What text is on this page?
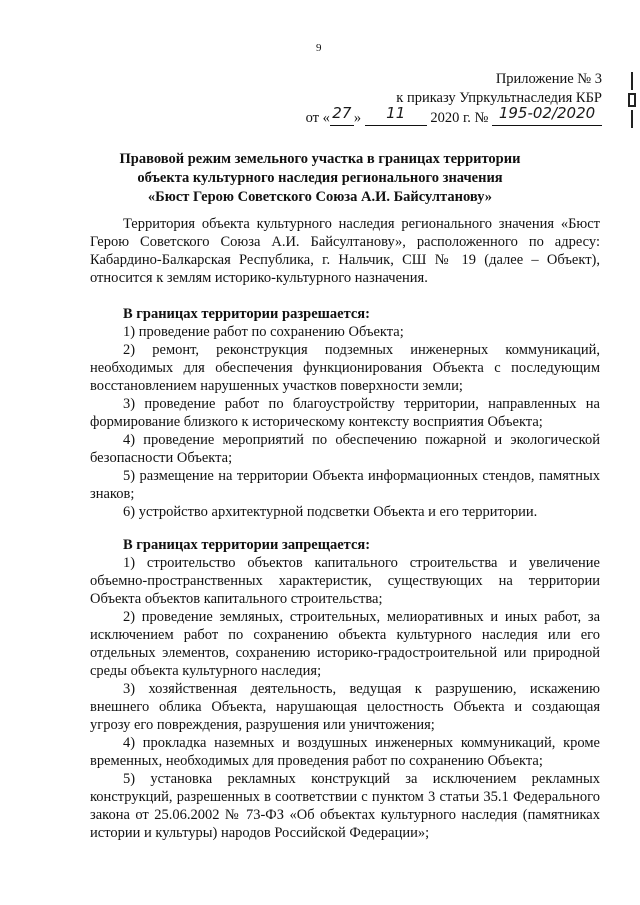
9
Приложение № 3
к приказу Упркультнаследия КБР
от « 27 » 11 2020 г. № 195-02/2020
Правовой режим земельного участка в границах территории
объекта культурного наследия регионального значения
«Бюст Герою Советского Союза А.И. Байсултанову»

Территория объекта культурного наследия регионального значения «Бюст Герою Советского Союза А.И. Байсултанову», расположенного по адресу: Кабардино-Балкарская Республика, г. Нальчик, СШ № 19 (далее – Объект), относится к землям историко-культурного назначения.

В границах территории разрешается:

1) проведение работ по сохранению Объекта;

2) ремонт, реконструкция подземных инженерных коммуникаций, необходимых для обеспечения функционирования Объекта с последующим восстановлением нарушенных участков поверхности земли;

3) проведение работ по благоустройству территории, направленных на формирование близкого к историческому контексту восприятия Объекта;

4) проведение мероприятий по обеспечению пожарной и экологической безопасности Объекта;

5) размещение на территории Объекта информационных стендов, памятных знаков;

6) устройство архитектурной подсветки Объекта и его территории.

В границах территории запрещается:

1) строительство объектов капитального строительства и увеличение объемно-пространственных характеристик, существующих на территории Объекта объектов капитального строительства;

2) проведение земляных, строительных, мелиоративных и иных работ, за исключением работ по сохранению объекта культурного наследия или его отдельных элементов, сохранению историко-градостроительной или природной среды объекта культурного наследия;

3) хозяйственная деятельность, ведущая к разрушению, искажению внешнего облика Объекта, нарушающая целостность Объекта и создающая угрозу его повреждения, разрушения или уничтожения;

4) прокладка наземных и воздушных инженерных коммуникаций, кроме временных, необходимых для проведения работ по сохранению Объекта;

5) установка рекламных конструкций за исключением рекламных конструкций, разрешенных в соответствии с пунктом 3 статьи 35.1 Федерального закона от 25.06.2002 № 73-ФЗ «Об объектах культурного наследия (памятниках истории и культуры) народов Российской Федерации»;
